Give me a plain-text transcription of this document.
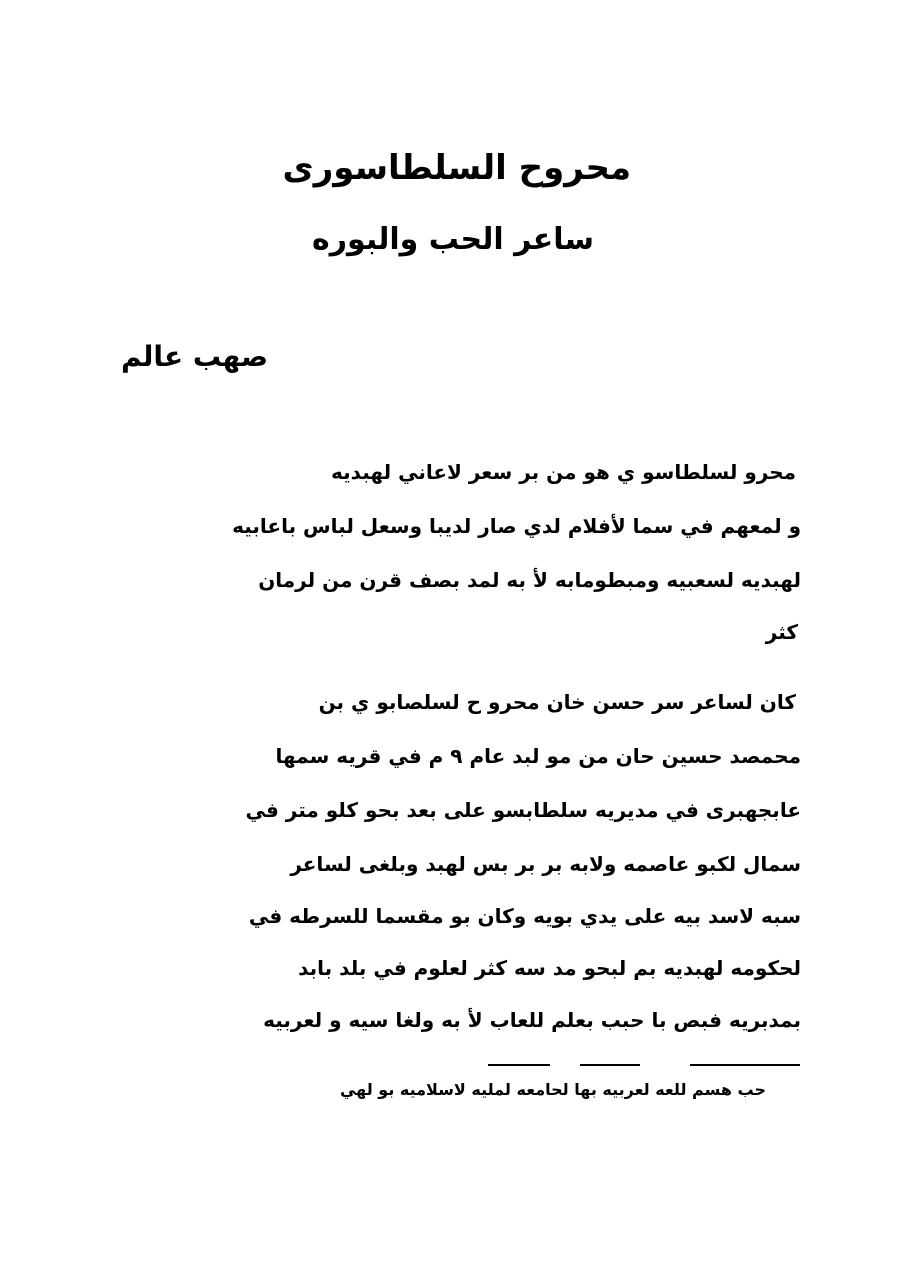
محروح السلطاسورى
ساعر الحب والبوره
صهب عالم
محرو لسلطاسو ي هو من بر سعر لاعاني لهبديه
و لمعهم في سما لأفلام لدي صار لديبا وسعل لباس باعابيه
لهبديه لسعبيه ومبطومابه لأ به لمد بصف قرن من لرمان
كثر
كان لساعر سر حسن خان محرو ح لسلصابو ي بن
محمصد حسين حان من مو لبد عام ٩ م في قريه سمها
عابجهبرى في مديريه سلطابسو على بعد بحو كلو متر في
سمال لكبو عاصمه ولابه بر بر بس لهبد وبلغى لساعر
سبه لاسد بيه على يدي بويه وكان بو مقسما للسرطه في
لحكومه لهبديه بم لبحو مد سه كثر لعلوم في بلد بابد
بمدبريه فبص با حبب بعلم للعاب لأ به ولغا سيه و لعربيه
حب هسم للعه لعربيه بها لحامعه لمليه لاسلاميه بو لهي
